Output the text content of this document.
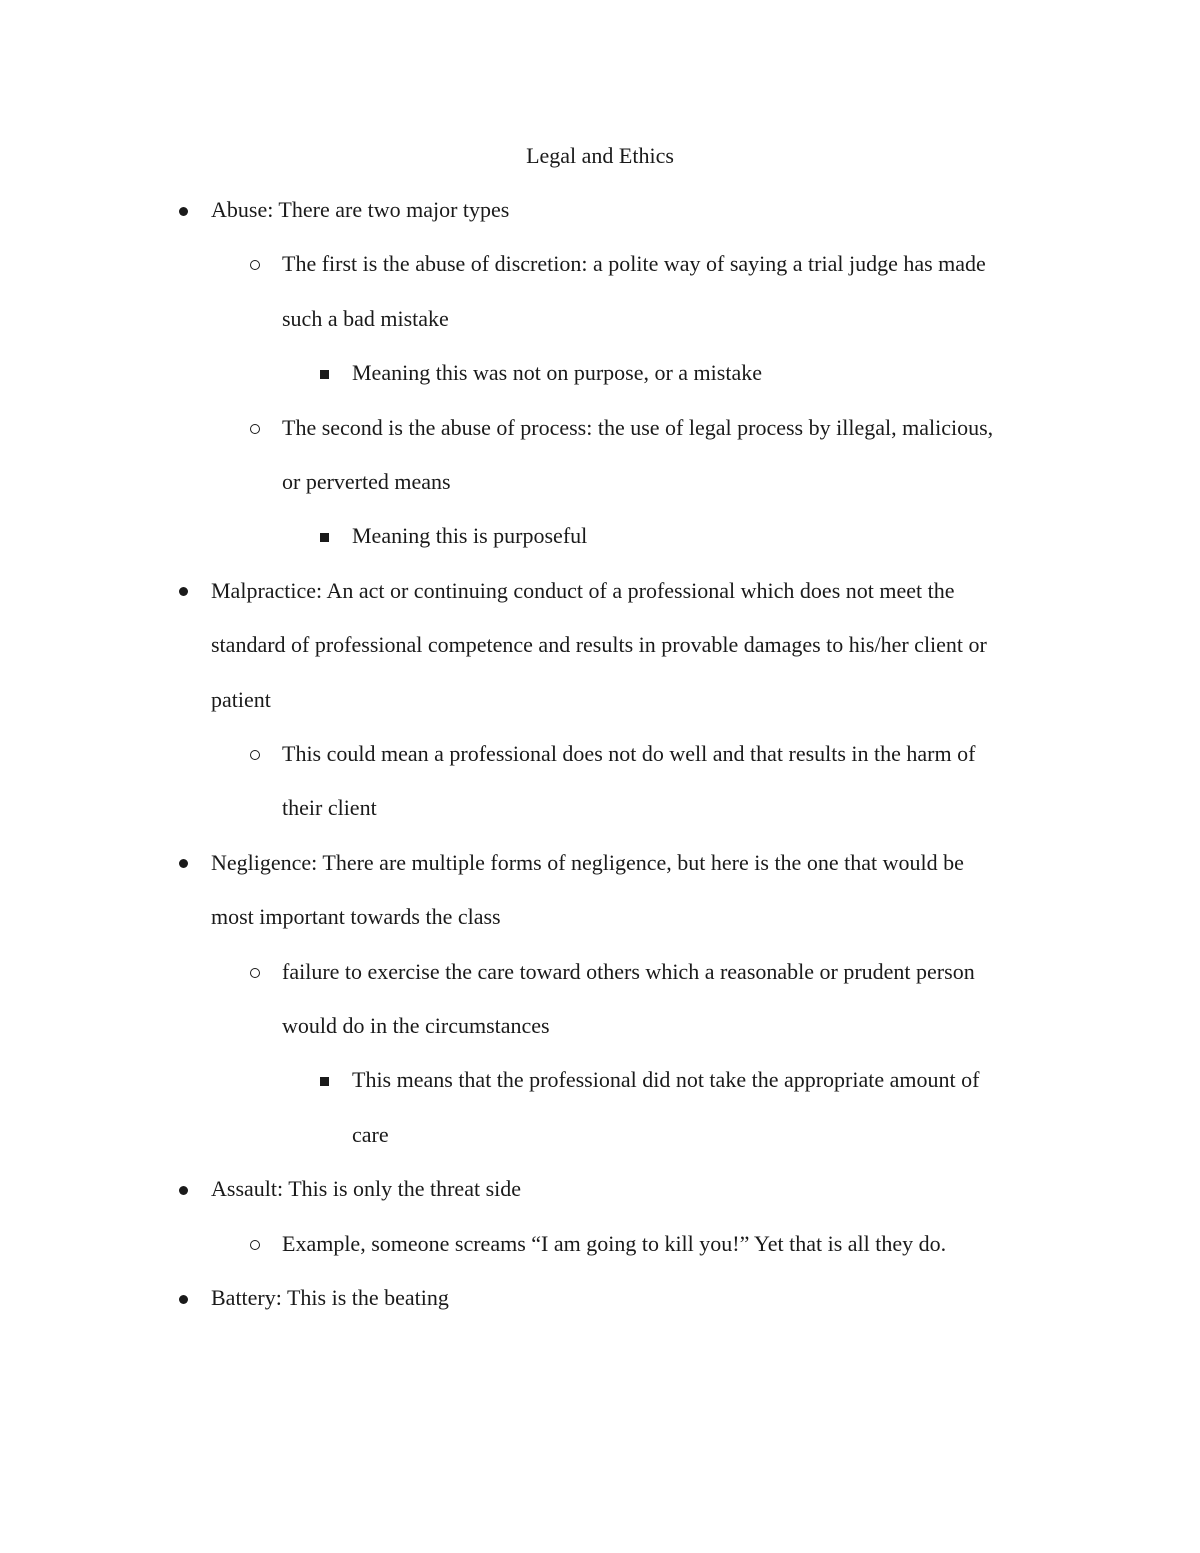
Legal and Ethics
Abuse: There are two major types
The first is the abuse of discretion: a polite way of saying a trial judge has made
such a bad mistake
Meaning this was not on purpose, or a mistake
The second is the abuse of process: the use of legal process by illegal, malicious,
or perverted means
Meaning this is purposeful
Malpractice: An act or continuing conduct of a professional which does not meet the
standard of professional competence and results in provable damages to his/her client or
patient
This could mean a professional does not do well and that results in the harm of
their client
Negligence: There are multiple forms of negligence, but here is the one that would be
most important towards the class
failure to exercise the care toward others which a reasonable or prudent person
would do in the circumstances
This means that the professional did not take the appropriate amount of
care
Assault: This is only the threat side
Example, someone screams “I am going to kill you!” Yet that is all they do.
Battery: This is the beating
